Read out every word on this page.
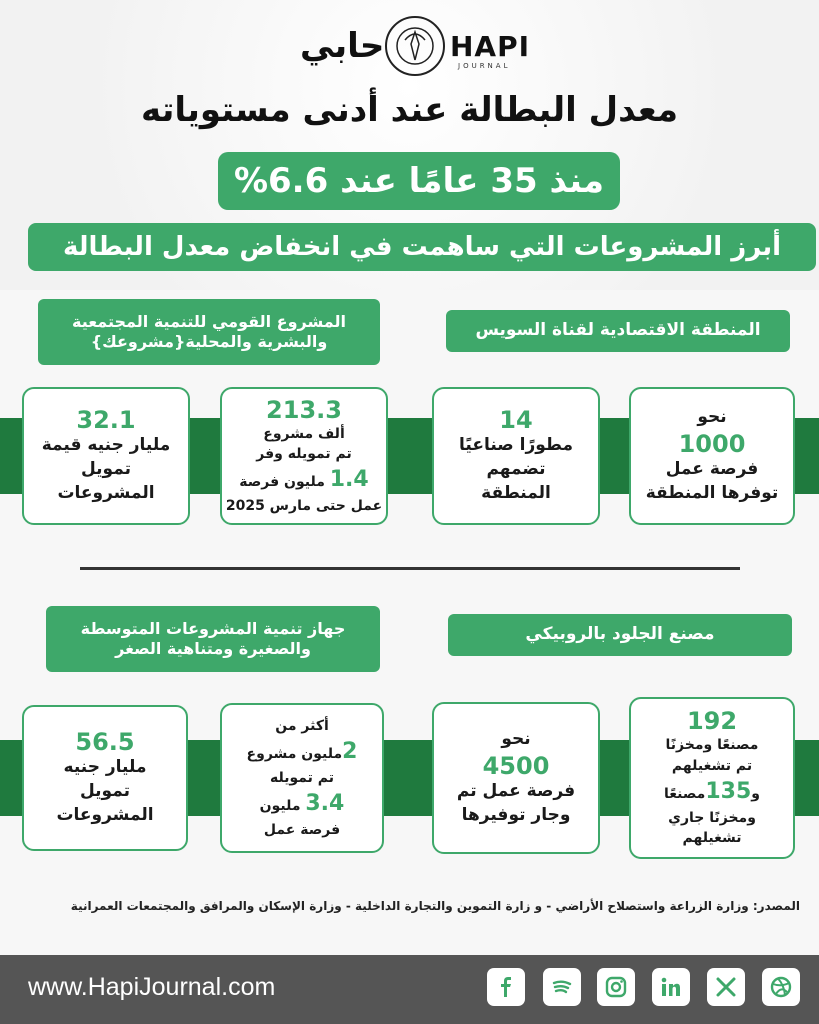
حابي HAPI
JOURNAL
معدل البطالة عند أدنى مستوياته
منذ 35 عامًا عند 6.6%
أبرز المشروعات التي ساهمت في انخفاض معدل البطالة
المنطقة الاقتصادية لقناة السويس
المشروع القومي للتنمية المجتمعية
والبشرية والمحلية{مشروعك}
نحو
1000
فرصة عمل
توفرها المنطقة
14
مطورًا صناعيًا
تضمهم
المنطقة
213.3
ألف مشروع
تم تمويله وفر
1.4 مليون فرصة
عمل حتى مارس 2025
32.1
مليار جنيه قيمة
تمويل
المشروعات
مصنع الجلود بالروبيكي
جهاز تنمية المشروعات المتوسطة
والصغيرة ومتناهية الصغر
192
مصنعًا ومخزنًا
تم تشغيلهم
و135مصنعًا
ومخزنًا جاري
تشغيلهم
نحو
4500
فرصة عمل تم
وجار توفيرها
أكثر من
2مليون مشروع
تم تمويله
3.4 مليون
فرصة عمل
56.5
مليار جنيه
تمويل
المشروعات
المصدر: وزارة الزراعة واستصلاح الأراضي - و زارة التموين والتجارة الداخلية - وزارة الإسكان والمرافق والمجتمعات العمرانية
www.HapiJournal.com
